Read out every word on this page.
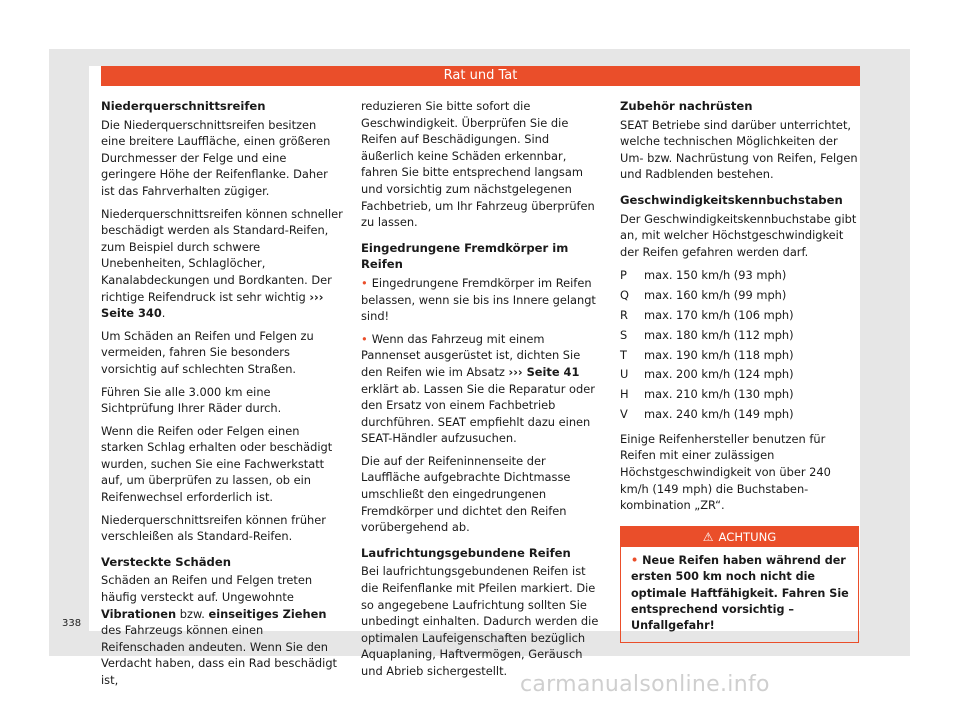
Rat und Tat
Niederquerschnittsreifen

Die Niederquerschnittsreifen besitzen eine breitere Lauffläche, einen größeren Durchmesser der Felge und eine geringere Höhe der Reifenflanke. Daher ist das Fahrverhalten zügiger.

Niederquerschnittsreifen können schneller beschädigt werden als Standard-Reifen, zum Beispiel durch schwere Unebenheiten, Schlaglöcher, Kanalabdeckungen und Bordkanten. Der richtige Reifendruck ist sehr wichtig ››› Seite 340.

Um Schäden an Reifen und Felgen zu vermeiden, fahren Sie besonders vorsichtig auf schlechten Straßen.

Führen Sie alle 3.000 km eine Sichtprüfung Ihrer Räder durch.

Wenn die Reifen oder Felgen einen starken Schlag erhalten oder beschädigt wurden, suchen Sie eine Fachwerkstatt auf, um überprüfen zu lassen, ob ein Reifenwechsel erforderlich ist.

Niederquerschnittsreifen können früher verschleißen als Standard-Reifen.

Versteckte Schäden

Schäden an Reifen und Felgen treten häufig versteckt auf. Ungewohnte Vibrationen bzw. einseitiges Ziehen des Fahrzeugs können einen Reifenschaden andeuten. Wenn Sie den Verdacht haben, dass ein Rad beschädigt ist,

reduzieren Sie bitte sofort die Geschwindigkeit. Überprüfen Sie die Reifen auf Beschädigungen. Sind äußerlich keine Schäden erkennbar, fahren Sie bitte entsprechend langsam und vorsichtig zum nächstgelegenen Fachbetrieb, um Ihr Fahrzeug überprüfen zu lassen.

Eingedrungene Fremdkörper im Reifen

• Eingedrungene Fremdkörper im Reifen belassen, wenn sie bis ins Innere gelangt sind!

• Wenn das Fahrzeug mit einem Pannenset ausgerüstet ist, dichten Sie den Reifen wie im Absatz ››› Seite 41 erklärt ab. Lassen Sie die Reparatur oder den Ersatz von einem Fachbetrieb durchführen. SEAT empfiehlt dazu einen SEAT-Händler aufzusuchen.

Die auf der Reifeninnenseite der Lauffläche aufgebrachte Dichtmasse umschließt den eingedrungenen Fremdkörper und dichtet den Reifen vorübergehend ab.

Laufrichtungsgebundene Reifen

Bei laufrichtungsgebundenen Reifen ist die Reifenflanke mit Pfeilen markiert. Die so angegebene Laufrichtung sollten Sie unbedingt einhalten. Dadurch werden die optimalen Laufeigenschaften bezüglich Aquaplaning, Haftvermögen, Geräusch und Abrieb sichergestellt.

Zubehör nachrüsten

SEAT Betriebe sind darüber unterrichtet, welche technischen Möglichkeiten der Um- bzw. Nachrüstung von Reifen, Felgen und Radblenden bestehen.

Geschwindigkeitskennbuchstaben

Der Geschwindigkeitskennbuchstabe gibt an, mit welcher Höchstgeschwindigkeit der Reifen gefahren werden darf.

P	max. 150 km/h (93 mph)
Q	max. 160 km/h (99 mph)
R	max. 170 km/h (106 mph)
S	max. 180 km/h (112 mph)
T	max. 190 km/h (118 mph)
U	max. 200 km/h (124 mph)
H	max. 210 km/h (130 mph)
V	max. 240 km/h (149 mph)

Einige Reifenhersteller benutzen für Reifen mit einer zulässigen Höchstgeschwindigkeit von über 240 km/h (149 mph) die Buchstabenkombination „ZR“.

⚠ ACHTUNG
• Neue Reifen haben während der ersten 500 km noch nicht die optimale Haftfähigkeit. Fahren Sie entsprechend vorsichtig – Unfallgefahr!
338
carmanualsonline.info
